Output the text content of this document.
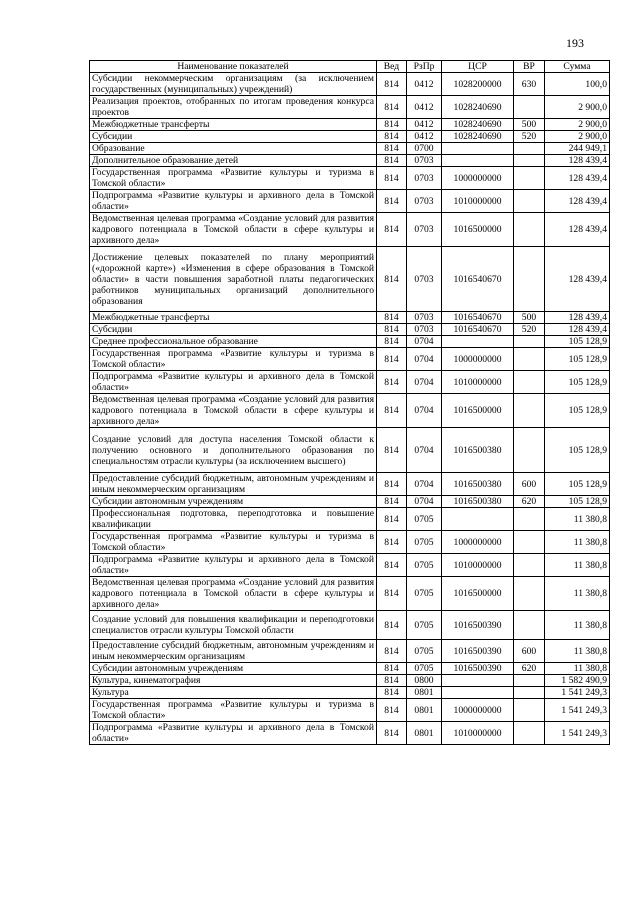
193
Наименование показателей	Вед	РзПр	ЦСР	ВР	Сумма
Субсидии некоммерческим организациям (за исключением государственных (муниципальных) учреждений)	814	0412	1028200000	630	100,0
Реализация проектов, отобранных по итогам проведения конкурса проектов	814	0412	1028240690		2 900,0
Межбюджетные трансферты	814	0412	1028240690	500	2 900,0
Субсидии	814	0412	1028240690	520	2 900,0
Образование	814	0700			244 949,1
Дополнительное образование детей	814	0703			128 439,4
Государственная программа «Развитие культуры и туризма в Томской области»	814	0703	1000000000		128 439,4
Подпрограмма «Развитие культуры и архивного дела в Томской области»	814	0703	1010000000		128 439,4
Ведомственная целевая программа «Создание условий для развития кадрового потенциала в Томской области в сфере культуры и архивного дела»	814	0703	1016500000		128 439,4
Достижение целевых показателей по плану мероприятий («дорожной карте») «Изменения в сфере образования в Томской области» в части повышения заработной платы педагогических работников муниципальных организаций дополнительного образования	814	0703	1016540670		128 439,4
Межбюджетные трансферты	814	0703	1016540670	500	128 439,4
Субсидии	814	0703	1016540670	520	128 439,4
Среднее профессиональное образование	814	0704			105 128,9
Государственная программа «Развитие культуры и туризма в Томской области»	814	0704	1000000000		105 128,9
Подпрограмма «Развитие культуры и архивного дела в Томской области»	814	0704	1010000000		105 128,9
Ведомственная целевая программа «Создание условий для развития кадрового потенциала в Томской области в сфере культуры и архивного дела»	814	0704	1016500000		105 128,9
Создание условий для доступа населения Томской области к получению основного и дополнительного образования по специальностям отрасли культуры (за исключением высшего)	814	0704	1016500380		105 128,9
Предоставление субсидий бюджетным, автономным учреждениям и иным некоммерческим организациям	814	0704	1016500380	600	105 128,9
Субсидии автономным учреждениям	814	0704	1016500380	620	105 128,9
Профессиональная подготовка, переподготовка и повышение квалификации	814	0705			11 380,8
Государственная программа «Развитие культуры и туризма в Томской области»	814	0705	1000000000		11 380,8
Подпрограмма «Развитие культуры и архивного дела в Томской области»	814	0705	1010000000		11 380,8
Ведомственная целевая программа «Создание условий для развития кадрового потенциала в Томской области в сфере культуры и архивного дела»	814	0705	1016500000		11 380,8
Создание условий для повышения квалификации и переподготовки специалистов отрасли культуры Томской области	814	0705	1016500390		11 380,8
Предоставление субсидий бюджетным, автономным учреждениям и иным некоммерческим организациям	814	0705	1016500390	600	11 380,8
Субсидии автономным учреждениям	814	0705	1016500390	620	11 380,8
Культура, кинематография	814	0800			1 582 490,9
Культура	814	0801			1 541 249,3
Государственная программа «Развитие культуры и туризма в Томской области»	814	0801	1000000000		1 541 249,3
Подпрограмма «Развитие культуры и архивного дела в Томской области»	814	0801	1010000000		1 541 249,3
